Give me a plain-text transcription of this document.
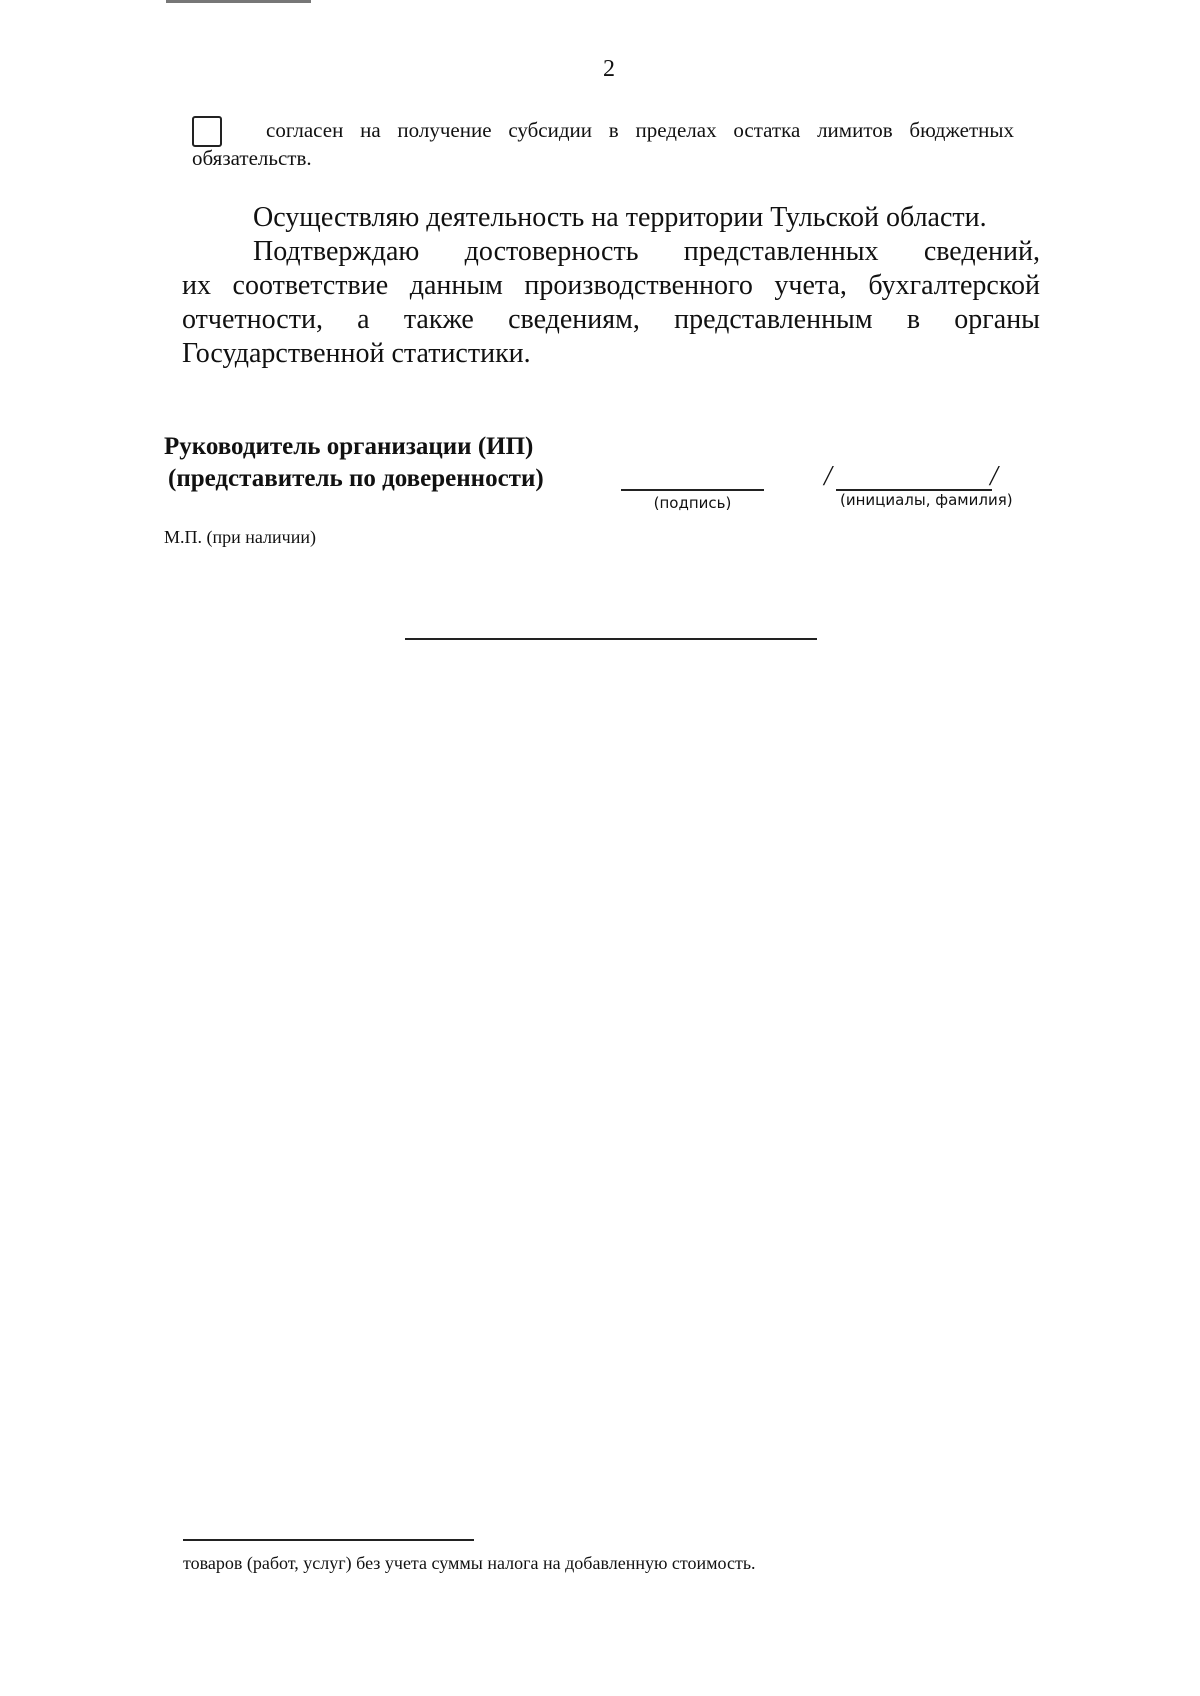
2
согласен на получение субсидии в пределах остатка лимитов бюджетных
обязательств.
Осуществляю деятельность на территории Тульской области.
Подтверждаю достоверность представленных сведений,
их соответствие данным производственного учета, бухгалтерской
отчетности, а также сведениям, представленным в органы
Государственной статистики.
Руководитель организации (ИП)
(представитель по доверенности)
(подпись)
/	/
(инициалы, фамилия)
М.П. (при наличии)
товаров (работ, услуг) без учета суммы налога на добавленную стоимость.
